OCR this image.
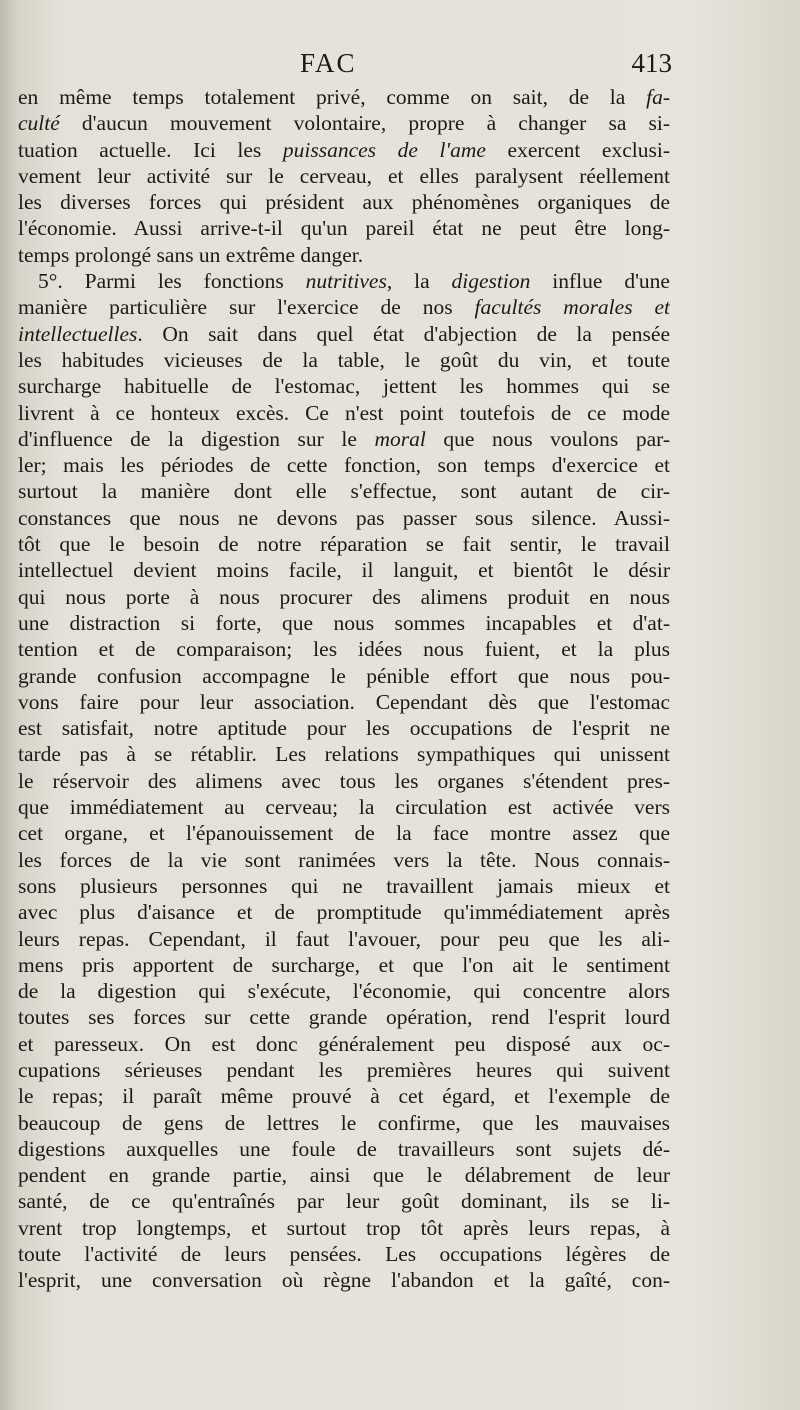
FAC	413
en même temps totalement privé, comme on sait, de la fa-
culté d'aucun mouvement volontaire, propre à changer sa si-
tuation actuelle. Ici les puissances de l'ame exercent exclusi-
vement leur activité sur le cerveau, et elles paralysent réellement
les diverses forces qui président aux phénomènes organiques de
l'économie. Aussi arrive-t-il qu'un pareil état ne peut être long-
temps prolongé sans un extrême danger.
5°. Parmi les fonctions nutritives, la digestion influe d'une
manière particulière sur l'exercice de nos facultés morales et
intellectuelles. On sait dans quel état d'abjection de la pensée
les habitudes vicieuses de la table, le goût du vin, et toute
surcharge habituelle de l'estomac, jettent les hommes qui se
livrent à ce honteux excès. Ce n'est point toutefois de ce mode
d'influence de la digestion sur le moral que nous voulons par-
ler; mais les périodes de cette fonction, son temps d'exercice et
surtout la manière dont elle s'effectue, sont autant de cir-
constances que nous ne devons pas passer sous silence. Aussi-
tôt que le besoin de notre réparation se fait sentir, le travail
intellectuel devient moins facile, il languit, et bientôt le désir
qui nous porte à nous procurer des alimens produit en nous
une distraction si forte, que nous sommes incapables et d'at-
tention et de comparaison; les idées nous fuient, et la plus
grande confusion accompagne le pénible effort que nous pou-
vons faire pour leur association. Cependant dès que l'estomac
est satisfait, notre aptitude pour les occupations de l'esprit ne
tarde pas à se rétablir. Les relations sympathiques qui unissent
le réservoir des alimens avec tous les organes s'étendent pres-
que immédiatement au cerveau; la circulation est activée vers
cet organe, et l'épanouissement de la face montre assez que
les forces de la vie sont ranimées vers la tête. Nous connais-
sons plusieurs personnes qui ne travaillent jamais mieux et
avec plus d'aisance et de promptitude qu'immédiatement après
leurs repas. Cependant, il faut l'avouer, pour peu que les ali-
mens pris apportent de surcharge, et que l'on ait le sentiment
de la digestion qui s'exécute, l'économie, qui concentre alors
toutes ses forces sur cette grande opération, rend l'esprit lourd
et paresseux. On est donc généralement peu disposé aux oc-
cupations sérieuses pendant les premières heures qui suivent
le repas; il paraît même prouvé à cet égard, et l'exemple de
beaucoup de gens de lettres le confirme, que les mauvaises
digestions auxquelles une foule de travailleurs sont sujets dé-
pendent en grande partie, ainsi que le délabrement de leur
santé, de ce qu'entraînés par leur goût dominant, ils se li-
vrent trop longtemps, et surtout trop tôt après leurs repas, à
toute l'activité de leurs pensées. Les occupations légères de
l'esprit, une conversation où règne l'abandon et la gaîté, con-
